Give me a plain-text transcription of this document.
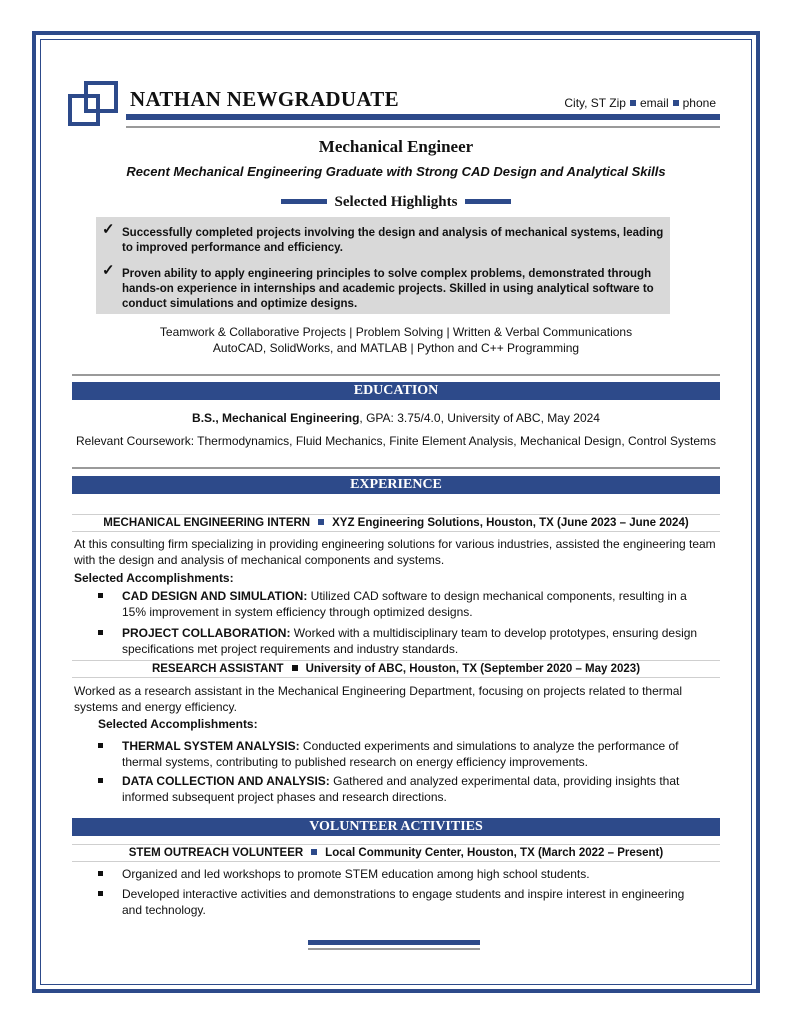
NATHAN NEWGRADUATE	City, ST Zip email phone
Mechanical Engineer
Recent Mechanical Engineering Graduate with Strong CAD Design and Analytical Skills
Selected Highlights
✓ Successfully completed projects involving the design and analysis of mechanical systems, leading to improved performance and efficiency.
✓ Proven ability to apply engineering principles to solve complex problems, demonstrated through hands-on experience in internships and academic projects. Skilled in using analytical software to conduct simulations and optimize designs.
Teamwork & Collaborative Projects | Problem Solving | Written & Verbal Communications
AutoCAD, SolidWorks, and MATLAB | Python and C++ Programming
EDUCATION
B.S., Mechanical Engineering, GPA: 3.75/4.0, University of ABC, May 2024
Relevant Coursework: Thermodynamics, Fluid Mechanics, Finite Element Analysis, Mechanical Design, Control Systems
EXPERIENCE
MECHANICAL ENGINEERING INTERN XYZ Engineering Solutions, Houston, TX (June 2023 – June 2024)
At this consulting firm specializing in providing engineering solutions for various industries, assisted the engineering team with the design and analysis of mechanical components and systems.
Selected Accomplishments:
CAD DESIGN AND SIMULATION: Utilized CAD software to design mechanical components, resulting in a 15% improvement in system efficiency through optimized designs.
PROJECT COLLABORATION: Worked with a multidisciplinary team to develop prototypes, ensuring design specifications met project requirements and industry standards.
RESEARCH ASSISTANT University of ABC, Houston, TX (September 2020 – May 2023)
Worked as a research assistant in the Mechanical Engineering Department, focusing on projects related to thermal systems and energy efficiency.
Selected Accomplishments:
THERMAL SYSTEM ANALYSIS: Conducted experiments and simulations to analyze the performance of thermal systems, contributing to published research on energy efficiency improvements.
DATA COLLECTION AND ANALYSIS: Gathered and analyzed experimental data, providing insights that informed subsequent project phases and research directions.
VOLUNTEER ACTIVITIES
STEM OUTREACH VOLUNTEER Local Community Center, Houston, TX (March 2022 – Present)
Organized and led workshops to promote STEM education among high school students.
Developed interactive activities and demonstrations to engage students and inspire interest in engineering and technology.
